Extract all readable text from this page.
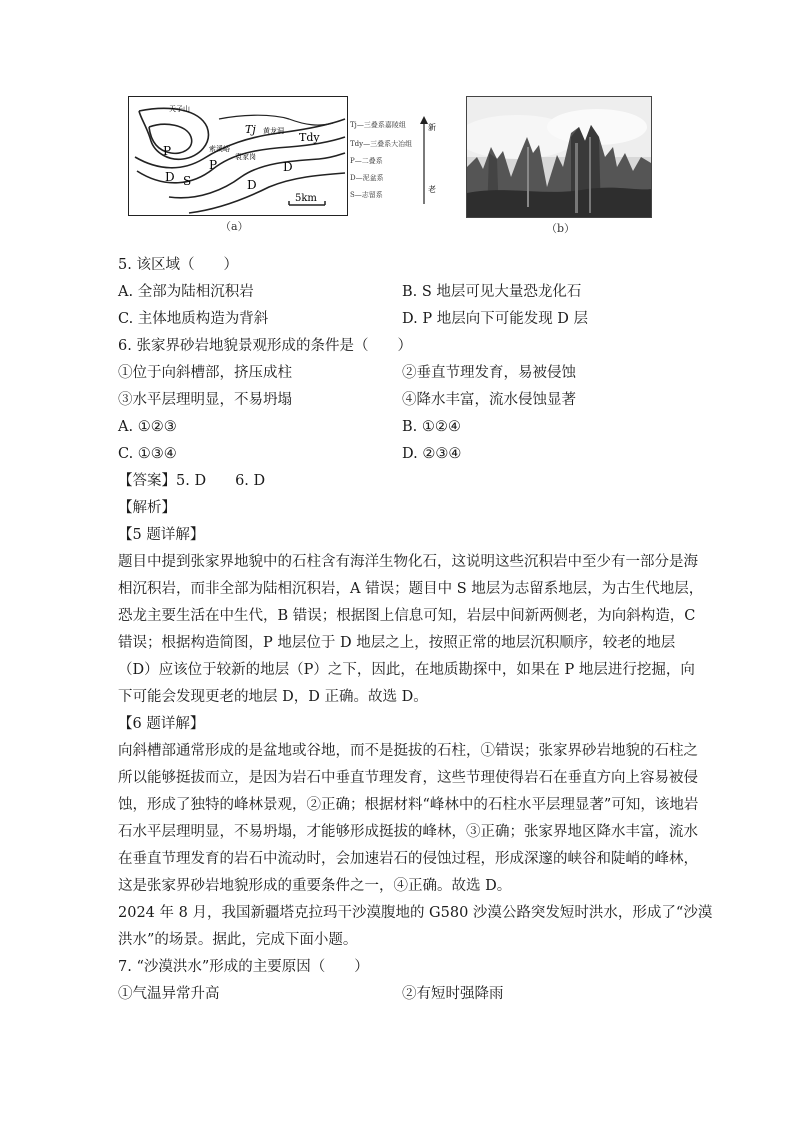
天子山
Tj 黄龙洞 Tdy
索溪峪
袁家岗
P
P
D S	D
D
5km
Tj—三叠系嘉陵组
Tdy—三叠系大冶组
P—二叠系
D—泥盆系
S—志留系
新
老
（a）	（b）
5. 该区域（　　）
A. 全部为陆相沉积岩	B. S 地层可见大量恐龙化石
C. 主体地质构造为背斜	D. P 地层向下可能发现 D 层
6. 张家界砂岩地貌景观形成的条件是（　　）
①位于向斜槽部，挤压成柱	②垂直节理发育，易被侵蚀
③水平层理明显，不易坍塌	④降水丰富，流水侵蚀显著
A. ①②③	B. ①②④
C. ①③④	D. ②③④
【答案】5. D　　6. D
【解析】
【5 题详解】
题目中提到张家界地貌中的石柱含有海洋生物化石，这说明这些沉积岩中至少有一部分是海
相沉积岩，而非全部为陆相沉积岩，A 错误；题目中 S 地层为志留系地层，为古生代地层，
恐龙主要生活在中生代，B 错误；根据图上信息可知，岩层中间新两侧老，为向斜构造，C
错误；根据构造简图，P 地层位于 D 地层之上，按照正常的地层沉积顺序，较老的地层
（D）应该位于较新的地层（P）之下，因此，在地质勘探中，如果在 P 地层进行挖掘，向
下可能会发现更老的地层 D，D 正确。故选 D。
【6 题详解】
向斜槽部通常形成的是盆地或谷地，而不是挺拔的石柱，①错误；张家界砂岩地貌的石柱之
所以能够挺拔而立，是因为岩石中垂直节理发育，这些节理使得岩石在垂直方向上容易被侵
蚀，形成了独特的峰林景观，②正确；根据材料“峰林中的石柱水平层理显著”可知，该地岩
石水平层理明显，不易坍塌，才能够形成挺拔的峰林，③正确；张家界地区降水丰富，流水
在垂直节理发育的岩石中流动时，会加速岩石的侵蚀过程，形成深邃的峡谷和陡峭的峰林，
这是张家界砂岩地貌形成的重要条件之一，④正确。故选 D。
2024 年 8 月，我国新疆塔克拉玛干沙漠腹地的 G580 沙漠公路突发短时洪水，形成了“沙漠
洪水”的场景。据此，完成下面小题。
7. “沙漠洪水”形成的主要原因（　　）
①气温异常升高	②有短时强降雨
